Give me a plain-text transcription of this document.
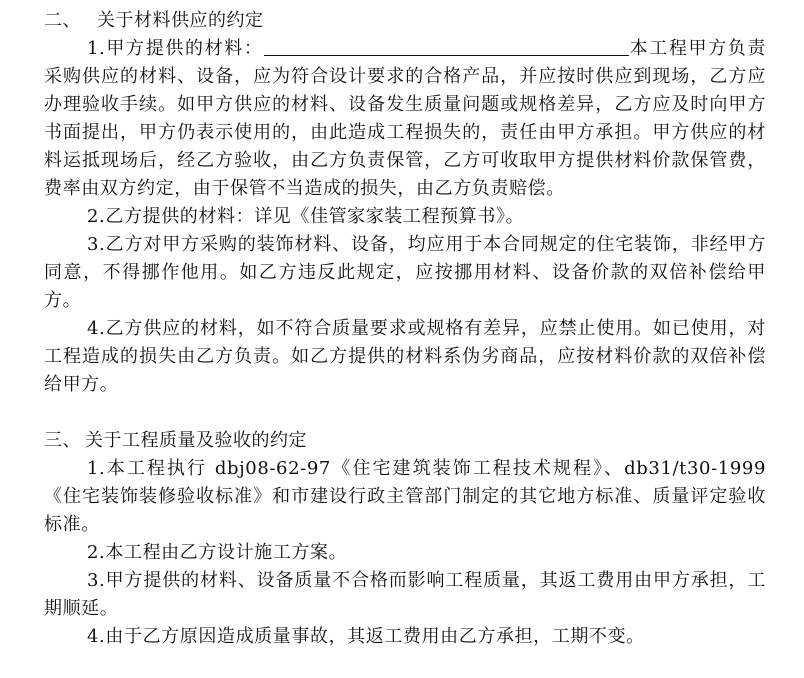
二、 关于材料供应的约定

1.甲方提供的材料：	本工程甲方负责采购供应的材料、设备，应为符合设计要求的合格产品，并应按时供应到现场，乙方应办理验收手续。如甲方供应的材料、设备发生质量问题或规格差异，乙方应及时向甲方书面提出，甲方仍表示使用的，由此造成工程损失的，责任由甲方承担。甲方供应的材料运抵现场后，经乙方验收，由乙方负责保管，乙方可收取甲方提供材料价款保管费，费率由双方约定，由于保管不当造成的损失，由乙方负责赔偿。

2.乙方提供的材料：详见《佳管家家装工程预算书》。

3.乙方对甲方采购的装饰材料、设备，均应用于本合同规定的住宅装饰，非经甲方同意，不得挪作他用。如乙方违反此规定，应按挪用材料、设备价款的双倍补偿给甲方。

4.乙方供应的材料，如不符合质量要求或规格有差异，应禁止使用。如已使用，对工程造成的损失由乙方负责。如乙方提供的材料系伪劣商品，应按材料价款的双倍补偿给甲方。

三、 关于工程质量及验收的约定

1.本工程执行 dbj08-62-97《住宅建筑装饰工程技术规程》、db31/t30-1999《住宅装饰装修验收标准》和市建设行政主管部门制定的其它地方标准、质量评定验收标准。

2.本工程由乙方设计施工方案。

3.甲方提供的材料、设备质量不合格而影响工程质量，其返工费用由甲方承担，工期顺延。

4.由于乙方原因造成质量事故，其返工费用由乙方承担，工期不变。
